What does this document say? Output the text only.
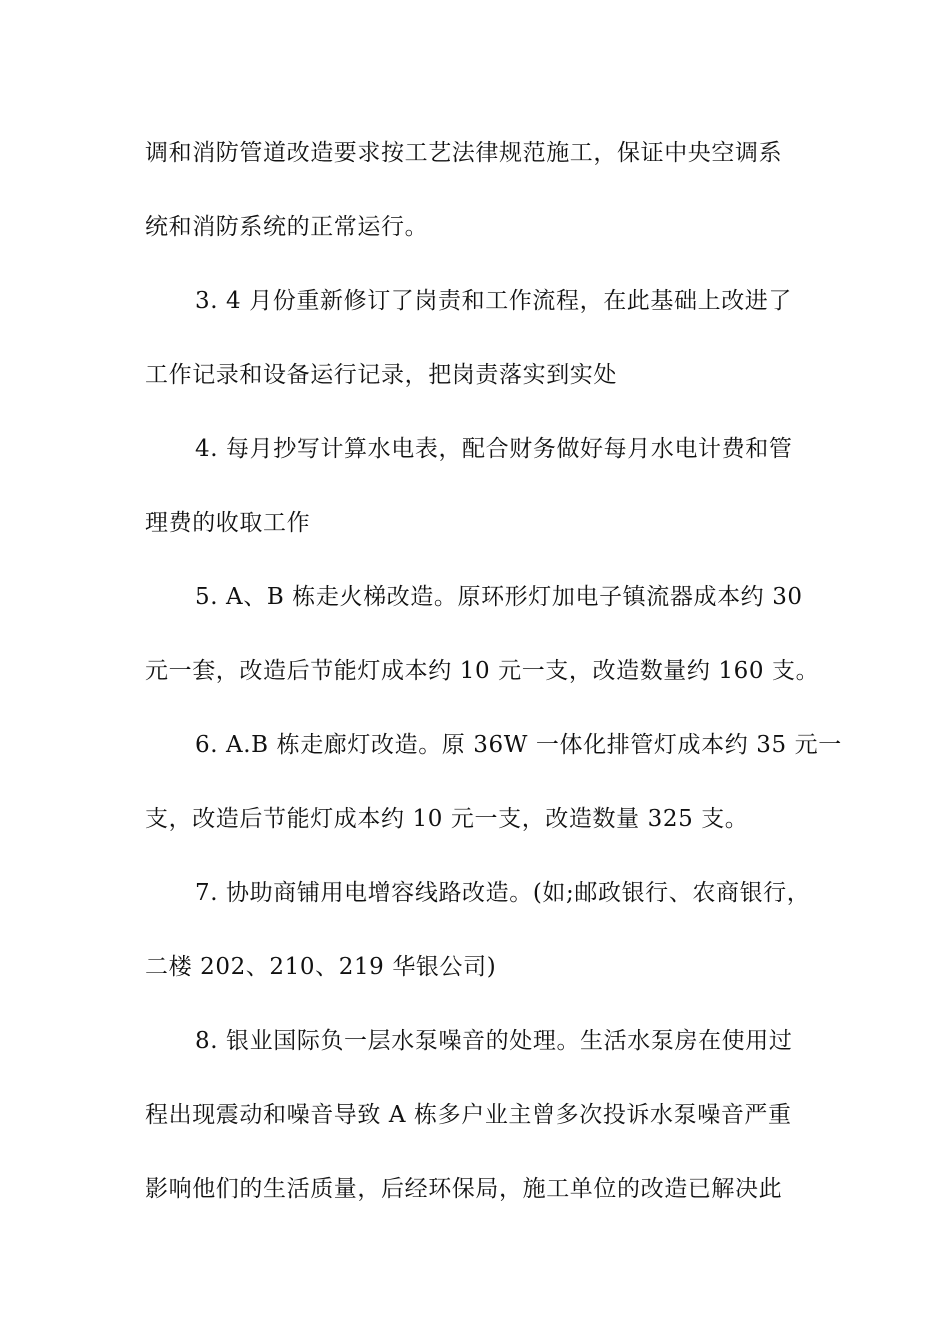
调和消防管道改造要求按工艺法律规范施工，保证中央空调系
统和消防系统的正常运行。
3. 4 月份重新修订了岗责和工作流程，在此基础上改进了
工作记录和设备运行记录，把岗责落实到实处
4. 每月抄写计算水电表，配合财务做好每月水电计费和管
理费的收取工作
5. A、B 栋走火梯改造。原环形灯加电子镇流器成本约 30
元一套，改造后节能灯成本约 10 元一支，改造数量约 160 支。
6. A.B 栋走廊灯改造。原 36W 一体化排管灯成本约 35 元一
支，改造后节能灯成本约 10 元一支，改造数量 325 支。
7. 协助商铺用电增容线路改造。(如;邮政银行、农商银行，
二楼 202、210、219 华银公司)
8. 银业国际负一层水泵噪音的处理。生活水泵房在使用过
程出现震动和噪音导致 A 栋多户业主曾多次投诉水泵噪音严重
影响他们的生活质量，后经环保局，施工单位的改造已解决此
